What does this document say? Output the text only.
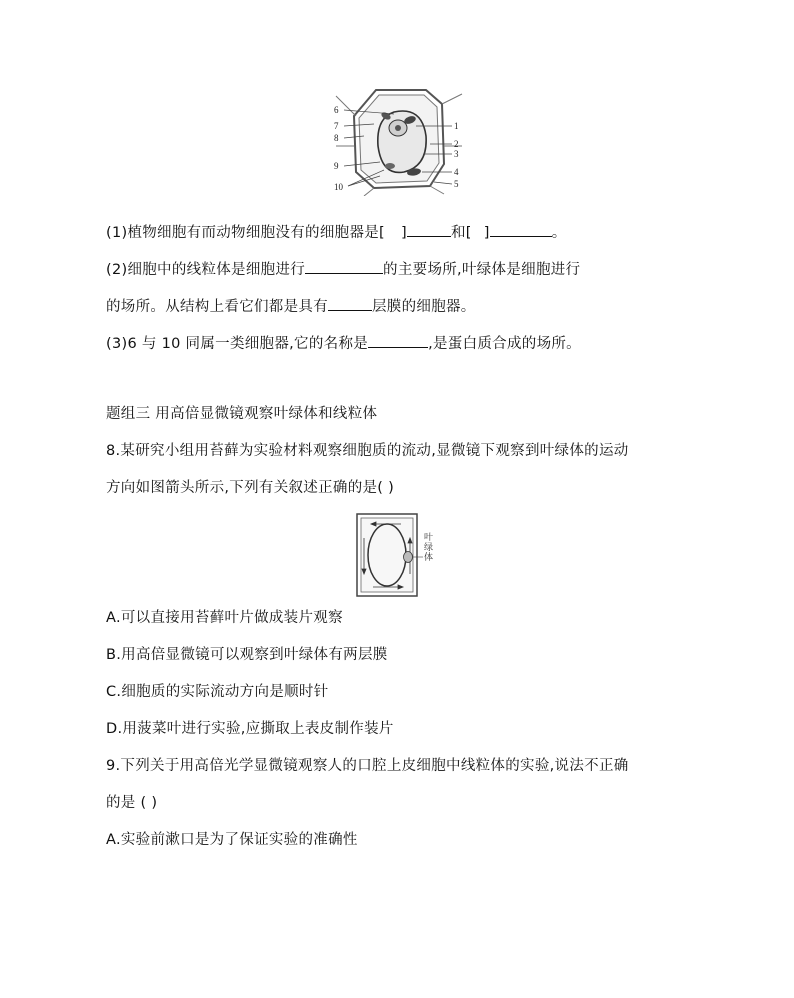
6
7
8
9
10
1
2
3
4
5
(1)植物细胞有而动物细胞没有的细胞器是[ ]	和[ ]	。
(2)细胞中的线粒体是细胞进行	的主要场所,叶绿体是细胞进行
的场所。从结构上看它们都是具有	层膜的细胞器。
(3)6 与 10 同属一类细胞器,它的名称是	,是蛋白质合成的场所。
题组三 用高倍显微镜观察叶绿体和线粒体
8.某研究小组用苔藓为实验材料观察细胞质的流动,显微镜下观察到叶绿体的运动
方向如图箭头所示,下列有关叙述正确的是( )
叶绿体
A.可以直接用苔藓叶片做成装片观察
B.用高倍显微镜可以观察到叶绿体有两层膜
C.细胞质的实际流动方向是顺时针
D.用菠菜叶进行实验,应撕取上表皮制作装片
9.下列关于用高倍光学显微镜观察人的口腔上皮细胞中线粒体的实验,说法不正确
的是 ( )
A.实验前漱口是为了保证实验的准确性
